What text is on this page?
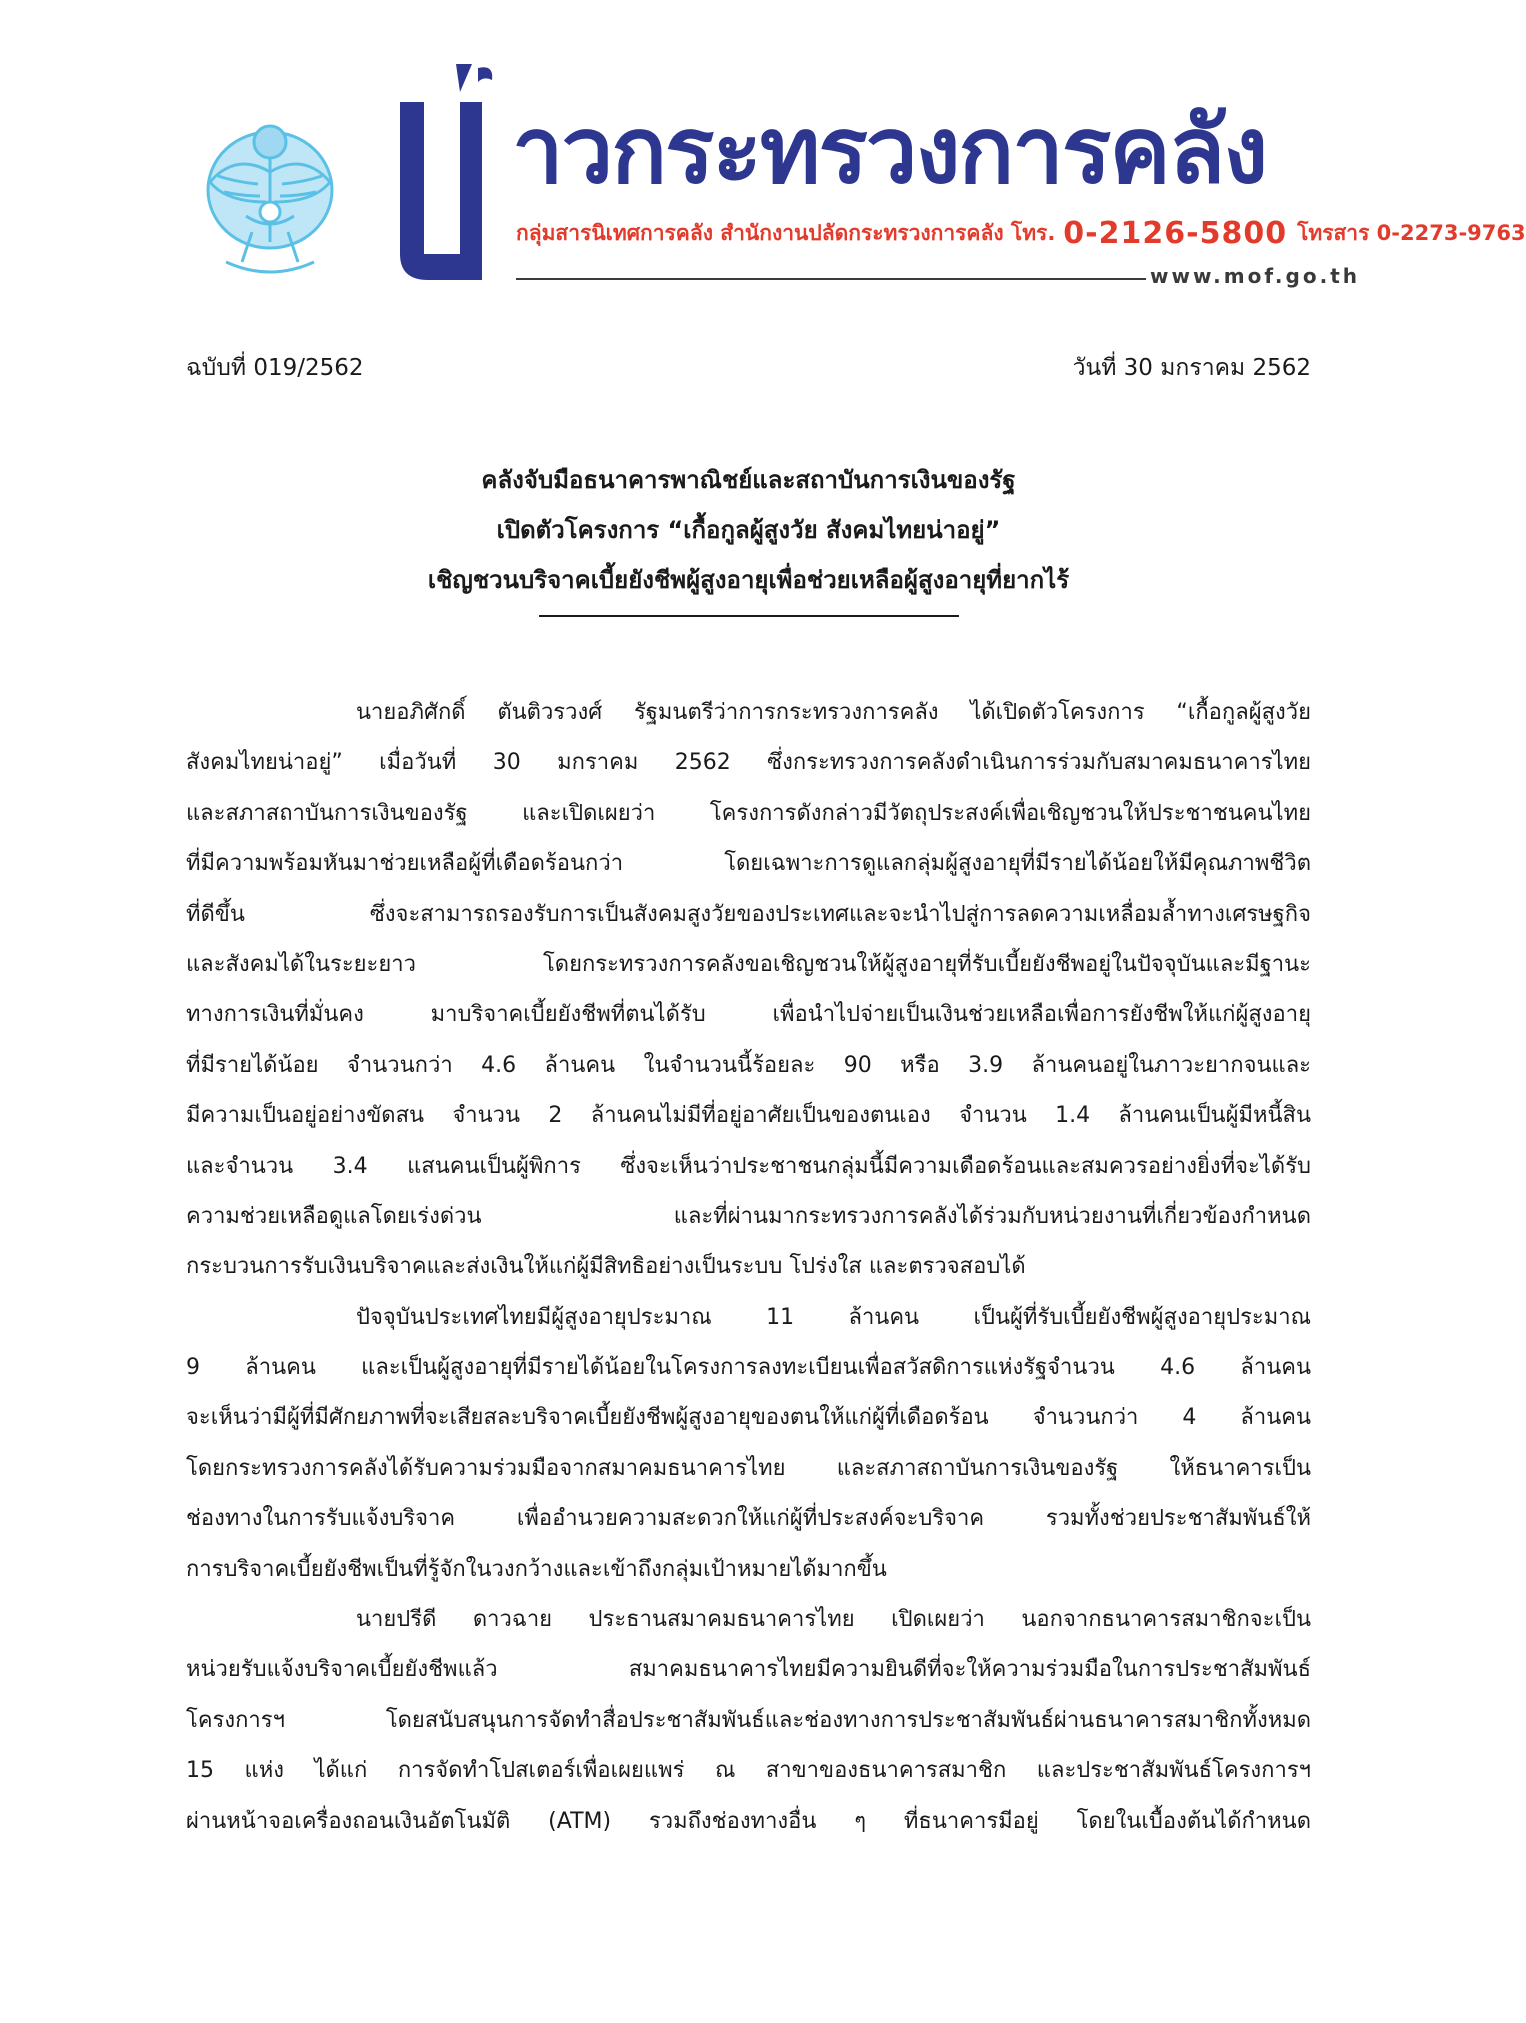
าวกระทรวงการคลัง
กลุ่มสารนิเทศการคลัง สำนักงานปลัดกระทรวงการคลัง โทร. 0-2126-5800 โทรสาร 0-2273-9763
www.mof.go.th
ฉบับที่ 019/2562	วันที่ 30 มกราคม 2562
คลังจับมือธนาคารพาณิชย์และสถาบันการเงินของรัฐ
เปิดตัวโครงการ “เกื้อกูลผู้สูงวัย สังคมไทยน่าอยู่”
เชิญชวนบริจาคเบี้ยยังชีพผู้สูงอายุเพื่อช่วยเหลือผู้สูงอายุที่ยากไร้
นายอภิศักดิ์ ตันติวรวงศ์ รัฐมนตรีว่าการกระทรวงการคลัง ได้เปิดตัวโครงการ “เกื้อกูลผู้สูงวัย
สังคมไทยน่าอยู่” เมื่อวันที่ 30 มกราคม 2562 ซึ่งกระทรวงการคลังดำเนินการร่วมกับสมาคมธนาคารไทย
และสภาสถาบันการเงินของรัฐ และเปิดเผยว่า โครงการดังกล่าวมีวัตถุประสงค์เพื่อเชิญชวนให้ประชาชนคนไทย
ที่มีความพร้อมหันมาช่วยเหลือผู้ที่เดือดร้อนกว่า โดยเฉพาะการดูแลกลุ่มผู้สูงอายุที่มีรายได้น้อยให้มีคุณภาพชีวิต
ที่ดีขึ้น ซึ่งจะสามารถรองรับการเป็นสังคมสูงวัยของประเทศและจะนำไปสู่การลดความเหลื่อมล้ำทางเศรษฐกิจ
และสังคมได้ในระยะยาว โดยกระทรวงการคลังขอเชิญชวนให้ผู้สูงอายุที่รับเบี้ยยังชีพอยู่ในปัจจุบันและมีฐานะ
ทางการเงินที่มั่นคง มาบริจาคเบี้ยยังชีพที่ตนได้รับ เพื่อนำไปจ่ายเป็นเงินช่วยเหลือเพื่อการยังชีพให้แก่ผู้สูงอายุ
ที่มีรายได้น้อย จำนวนกว่า 4.6 ล้านคน ในจำนวนนี้ร้อยละ 90 หรือ 3.9 ล้านคนอยู่ในภาวะยากจนและ
มีความเป็นอยู่อย่างขัดสน จำนวน 2 ล้านคนไม่มีที่อยู่อาศัยเป็นของตนเอง จำนวน 1.4 ล้านคนเป็นผู้มีหนี้สิน
และจำนวน 3.4 แสนคนเป็นผู้พิการ ซึ่งจะเห็นว่าประชาชนกลุ่มนี้มีความเดือดร้อนและสมควรอย่างยิ่งที่จะได้รับ
ความช่วยเหลือดูแลโดยเร่งด่วน และที่ผ่านมากระทรวงการคลังได้ร่วมกับหน่วยงานที่เกี่ยวข้องกำหนด
กระบวนการรับเงินบริจาคและส่งเงินให้แก่ผู้มีสิทธิอย่างเป็นระบบ โปร่งใส และตรวจสอบได้
ปัจจุบันประเทศไทยมีผู้สูงอายุประมาณ 11 ล้านคน เป็นผู้ที่รับเบี้ยยังชีพผู้สูงอายุประมาณ
9 ล้านคน และเป็นผู้สูงอายุที่มีรายได้น้อยในโครงการลงทะเบียนเพื่อสวัสดิการแห่งรัฐจำนวน 4.6 ล้านคน
จะเห็นว่ามีผู้ที่มีศักยภาพที่จะเสียสละบริจาคเบี้ยยังชีพผู้สูงอายุของตนให้แก่ผู้ที่เดือดร้อน จำนวนกว่า 4 ล้านคน
โดยกระทรวงการคลังได้รับความร่วมมือจากสมาคมธนาคารไทย และสภาสถาบันการเงินของรัฐ ให้ธนาคารเป็น
ช่องทางในการรับแจ้งบริจาค เพื่ออำนวยความสะดวกให้แก่ผู้ที่ประสงค์จะบริจาค รวมทั้งช่วยประชาสัมพันธ์ให้
การบริจาคเบี้ยยังชีพเป็นที่รู้จักในวงกว้างและเข้าถึงกลุ่มเป้าหมายได้มากขึ้น
นายปรีดี ดาวฉาย ประธานสมาคมธนาคารไทย เปิดเผยว่า นอกจากธนาคารสมาชิกจะเป็น
หน่วยรับแจ้งบริจาคเบี้ยยังชีพแล้ว สมาคมธนาคารไทยมีความยินดีที่จะให้ความร่วมมือในการประชาสัมพันธ์
โครงการฯ โดยสนับสนุนการจัดทำสื่อประชาสัมพันธ์และช่องทางการประชาสัมพันธ์ผ่านธนาคารสมาชิกทั้งหมด
15 แห่ง ได้แก่ การจัดทำโปสเตอร์เพื่อเผยแพร่ ณ สาขาของธนาคารสมาชิก และประชาสัมพันธ์โครงการฯ
ผ่านหน้าจอเครื่องถอนเงินอัตโนมัติ (ATM) รวมถึงช่องทางอื่น ๆ ที่ธนาคารมีอยู่ โดยในเบื้องต้นได้กำหนด
